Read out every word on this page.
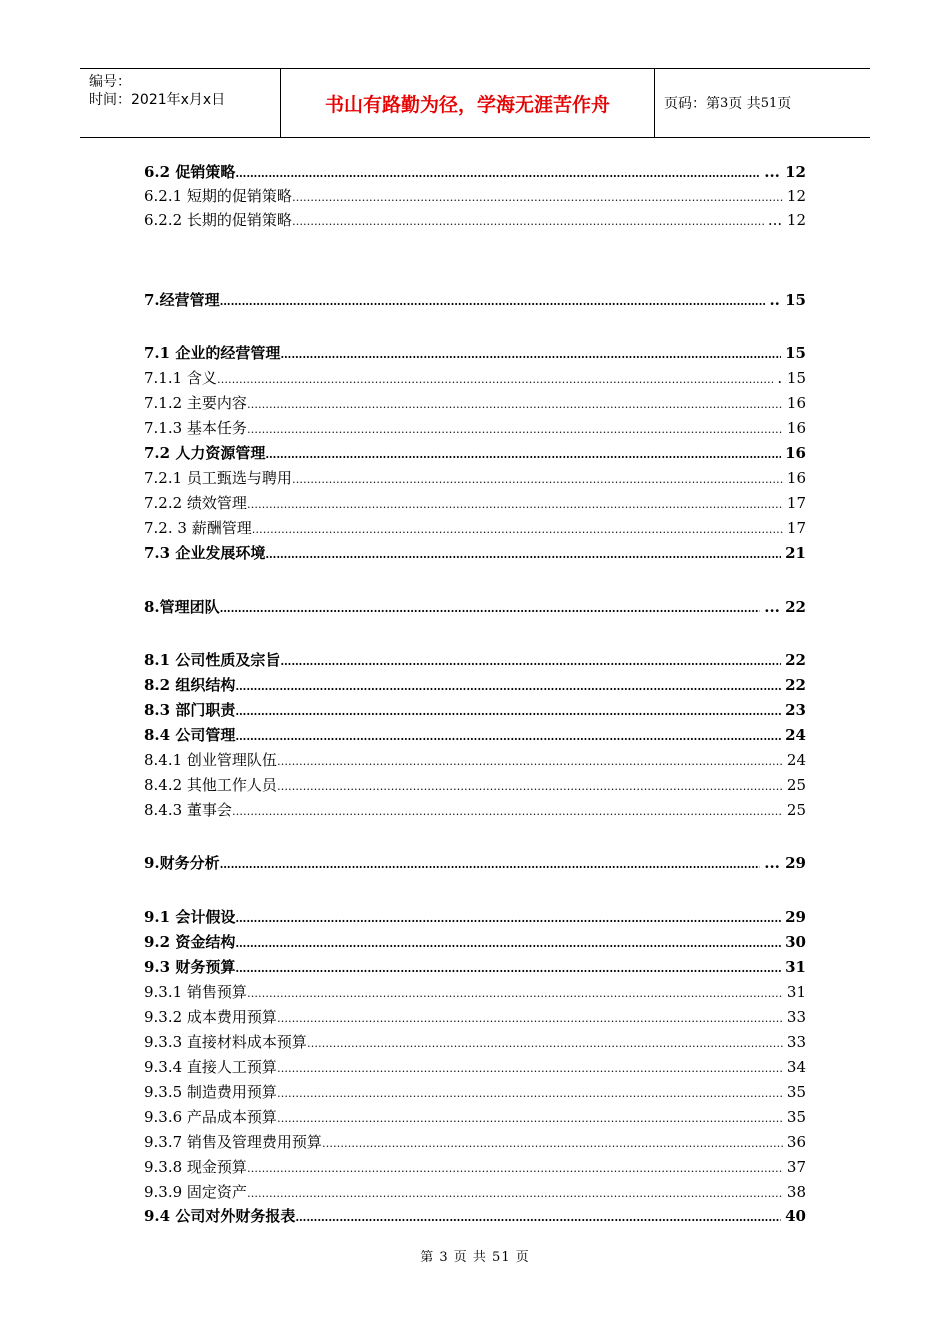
编号：
时间：2021年x月x日	书山有路勤为径，学海无涯苦作舟	页码：第 3 页 共 51 页
6.2 促销策略 ………………………………………………………………………………………………………………………………………………………………………………………………	... 12
6.2.1 短期的促销策略 ………………………………………………………………………………………………………………………………………………………………………………………………	12
6.2.2 长期的促销策略 ………………………………………………………………………………………………………………………………………………………………………………………………	... 12
7.经营管理 ………………………………………………………………………………………………………………………………………………………………………………………………	.. 15
7.1 企业的经营管理 ………………………………………………………………………………………………………………………………………………………………………………………………	15
7.1.1 含义 ………………………………………………………………………………………………………………………………………………………………………………………………	. 15
7.1.2 主要内容 ………………………………………………………………………………………………………………………………………………………………………………………………	16
7.1.3 基本任务 ………………………………………………………………………………………………………………………………………………………………………………………………	16
7.2 人力资源管理 ………………………………………………………………………………………………………………………………………………………………………………………………	16
7.2.1 员工甄选与聘用 ………………………………………………………………………………………………………………………………………………………………………………………………	16
7.2.2 绩效管理 ………………………………………………………………………………………………………………………………………………………………………………………………	17
7.2. 3 薪酬管理 ………………………………………………………………………………………………………………………………………………………………………………………………	17
7.3 企业发展环境 ………………………………………………………………………………………………………………………………………………………………………………………………	21
8.管理团队 ………………………………………………………………………………………………………………………………………………………………………………………………	... 22
8.1 公司性质及宗旨 ………………………………………………………………………………………………………………………………………………………………………………………………	22
8.2 组织结构 ………………………………………………………………………………………………………………………………………………………………………………………………	22
8.3 部门职责 ………………………………………………………………………………………………………………………………………………………………………………………………	23
8.4 公司管理 ………………………………………………………………………………………………………………………………………………………………………………………………	24
8.4.1 创业管理队伍 ………………………………………………………………………………………………………………………………………………………………………………………………	24
8.4.2 其他工作人员 ………………………………………………………………………………………………………………………………………………………………………………………………	25
8.4.3 董事会 ………………………………………………………………………………………………………………………………………………………………………………………………	25
9.财务分析 ………………………………………………………………………………………………………………………………………………………………………………………………	... 29
9.1 会计假设 ………………………………………………………………………………………………………………………………………………………………………………………………	29
9.2 资金结构 ………………………………………………………………………………………………………………………………………………………………………………………………	30
9.3 财务预算 ………………………………………………………………………………………………………………………………………………………………………………………………	31
9.3.1 销售预算 ………………………………………………………………………………………………………………………………………………………………………………………………	31
9.3.2 成本费用预算 ………………………………………………………………………………………………………………………………………………………………………………………………	33
9.3.3 直接材料成本预算 ………………………………………………………………………………………………………………………………………………………………………………………………	33
9.3.4 直接人工预算 ………………………………………………………………………………………………………………………………………………………………………………………………	34
9.3.5 制造费用预算 ………………………………………………………………………………………………………………………………………………………………………………………………	35
9.3.6 产品成本预算 ………………………………………………………………………………………………………………………………………………………………………………………………	35
9.3.7 销售及管理费用预算 ………………………………………………………………………………………………………………………………………………………………………………………………	36
9.3.8 现金预算 ………………………………………………………………………………………………………………………………………………………………………………………………	37
9.3.9 固定资产 ………………………………………………………………………………………………………………………………………………………………………………………………	38
9.4 公司对外财务报表 ………………………………………………………………………………………………………………………………………………………………………………………………	40
第 3 页 共 51 页
